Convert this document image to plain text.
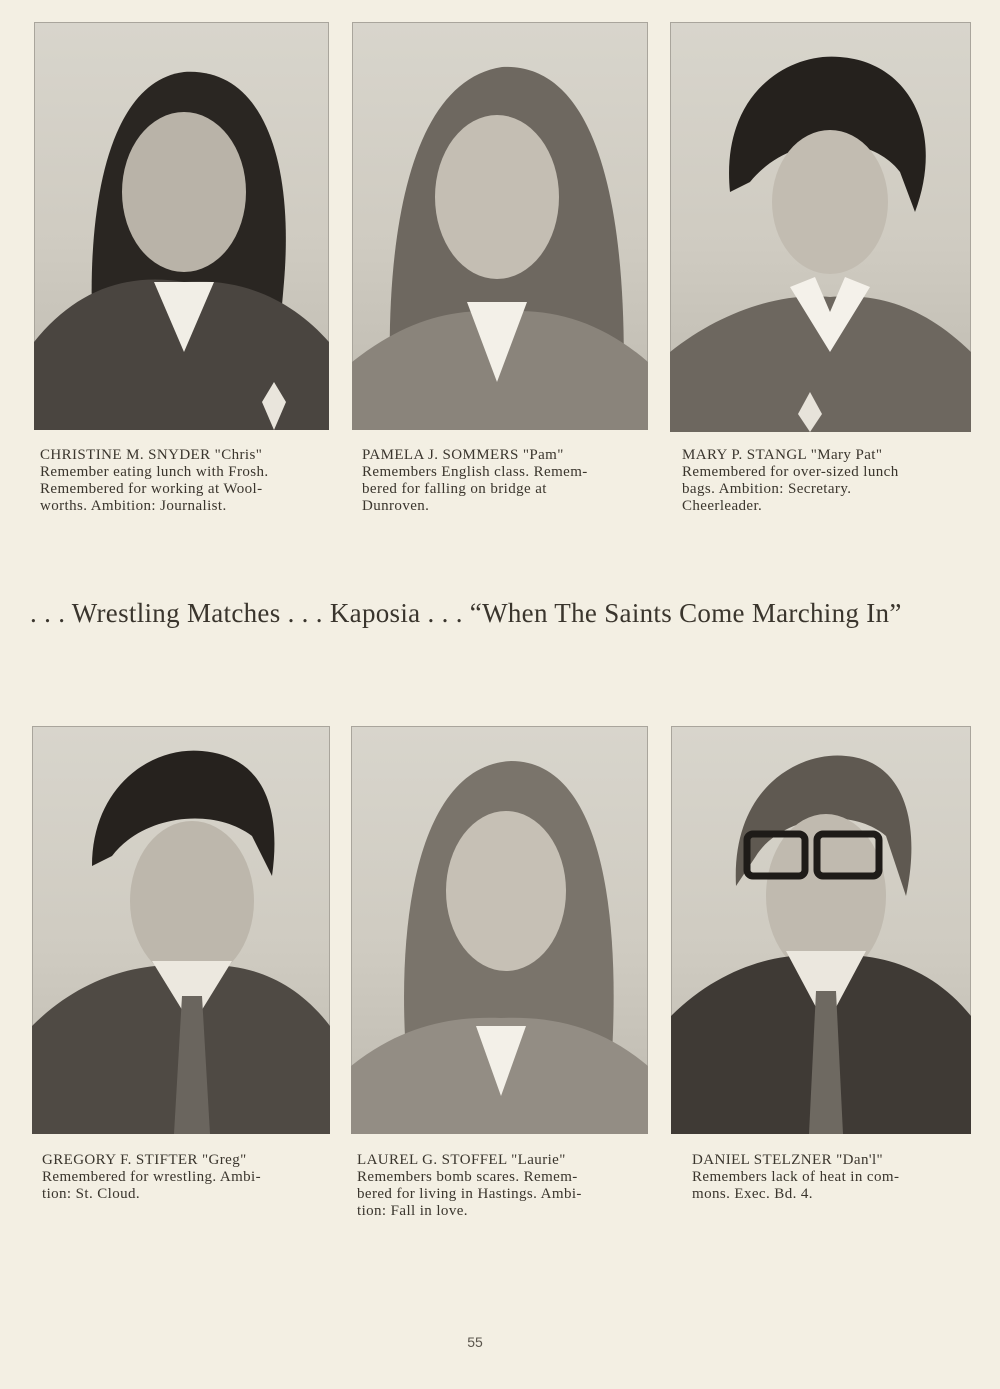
CHRISTINE M. SNYDER "Chris"
Remember eating lunch with Frosh.
Remembered for working at Wool-
worths. Ambition: Journalist.
PAMELA J. SOMMERS "Pam"
Remembers English class. Remem-
bered for falling on bridge at
Dunroven.
MARY P. STANGL "Mary Pat"
Remembered for over-sized lunch
bags. Ambition: Secretary.
Cheerleader.
. . . Wrestling Matches . . . Kaposia . . . “When The Saints Come Marching In”
GREGORY F. STIFTER "Greg"
Remembered for wrestling. Ambi-
tion: St. Cloud.
LAUREL G. STOFFEL "Laurie"
Remembers bomb scares. Remem-
bered for living in Hastings. Ambi-
tion: Fall in love.
DANIEL STELZNER "Dan'l"
Remembers lack of heat in com-
mons. Exec. Bd. 4.
55
